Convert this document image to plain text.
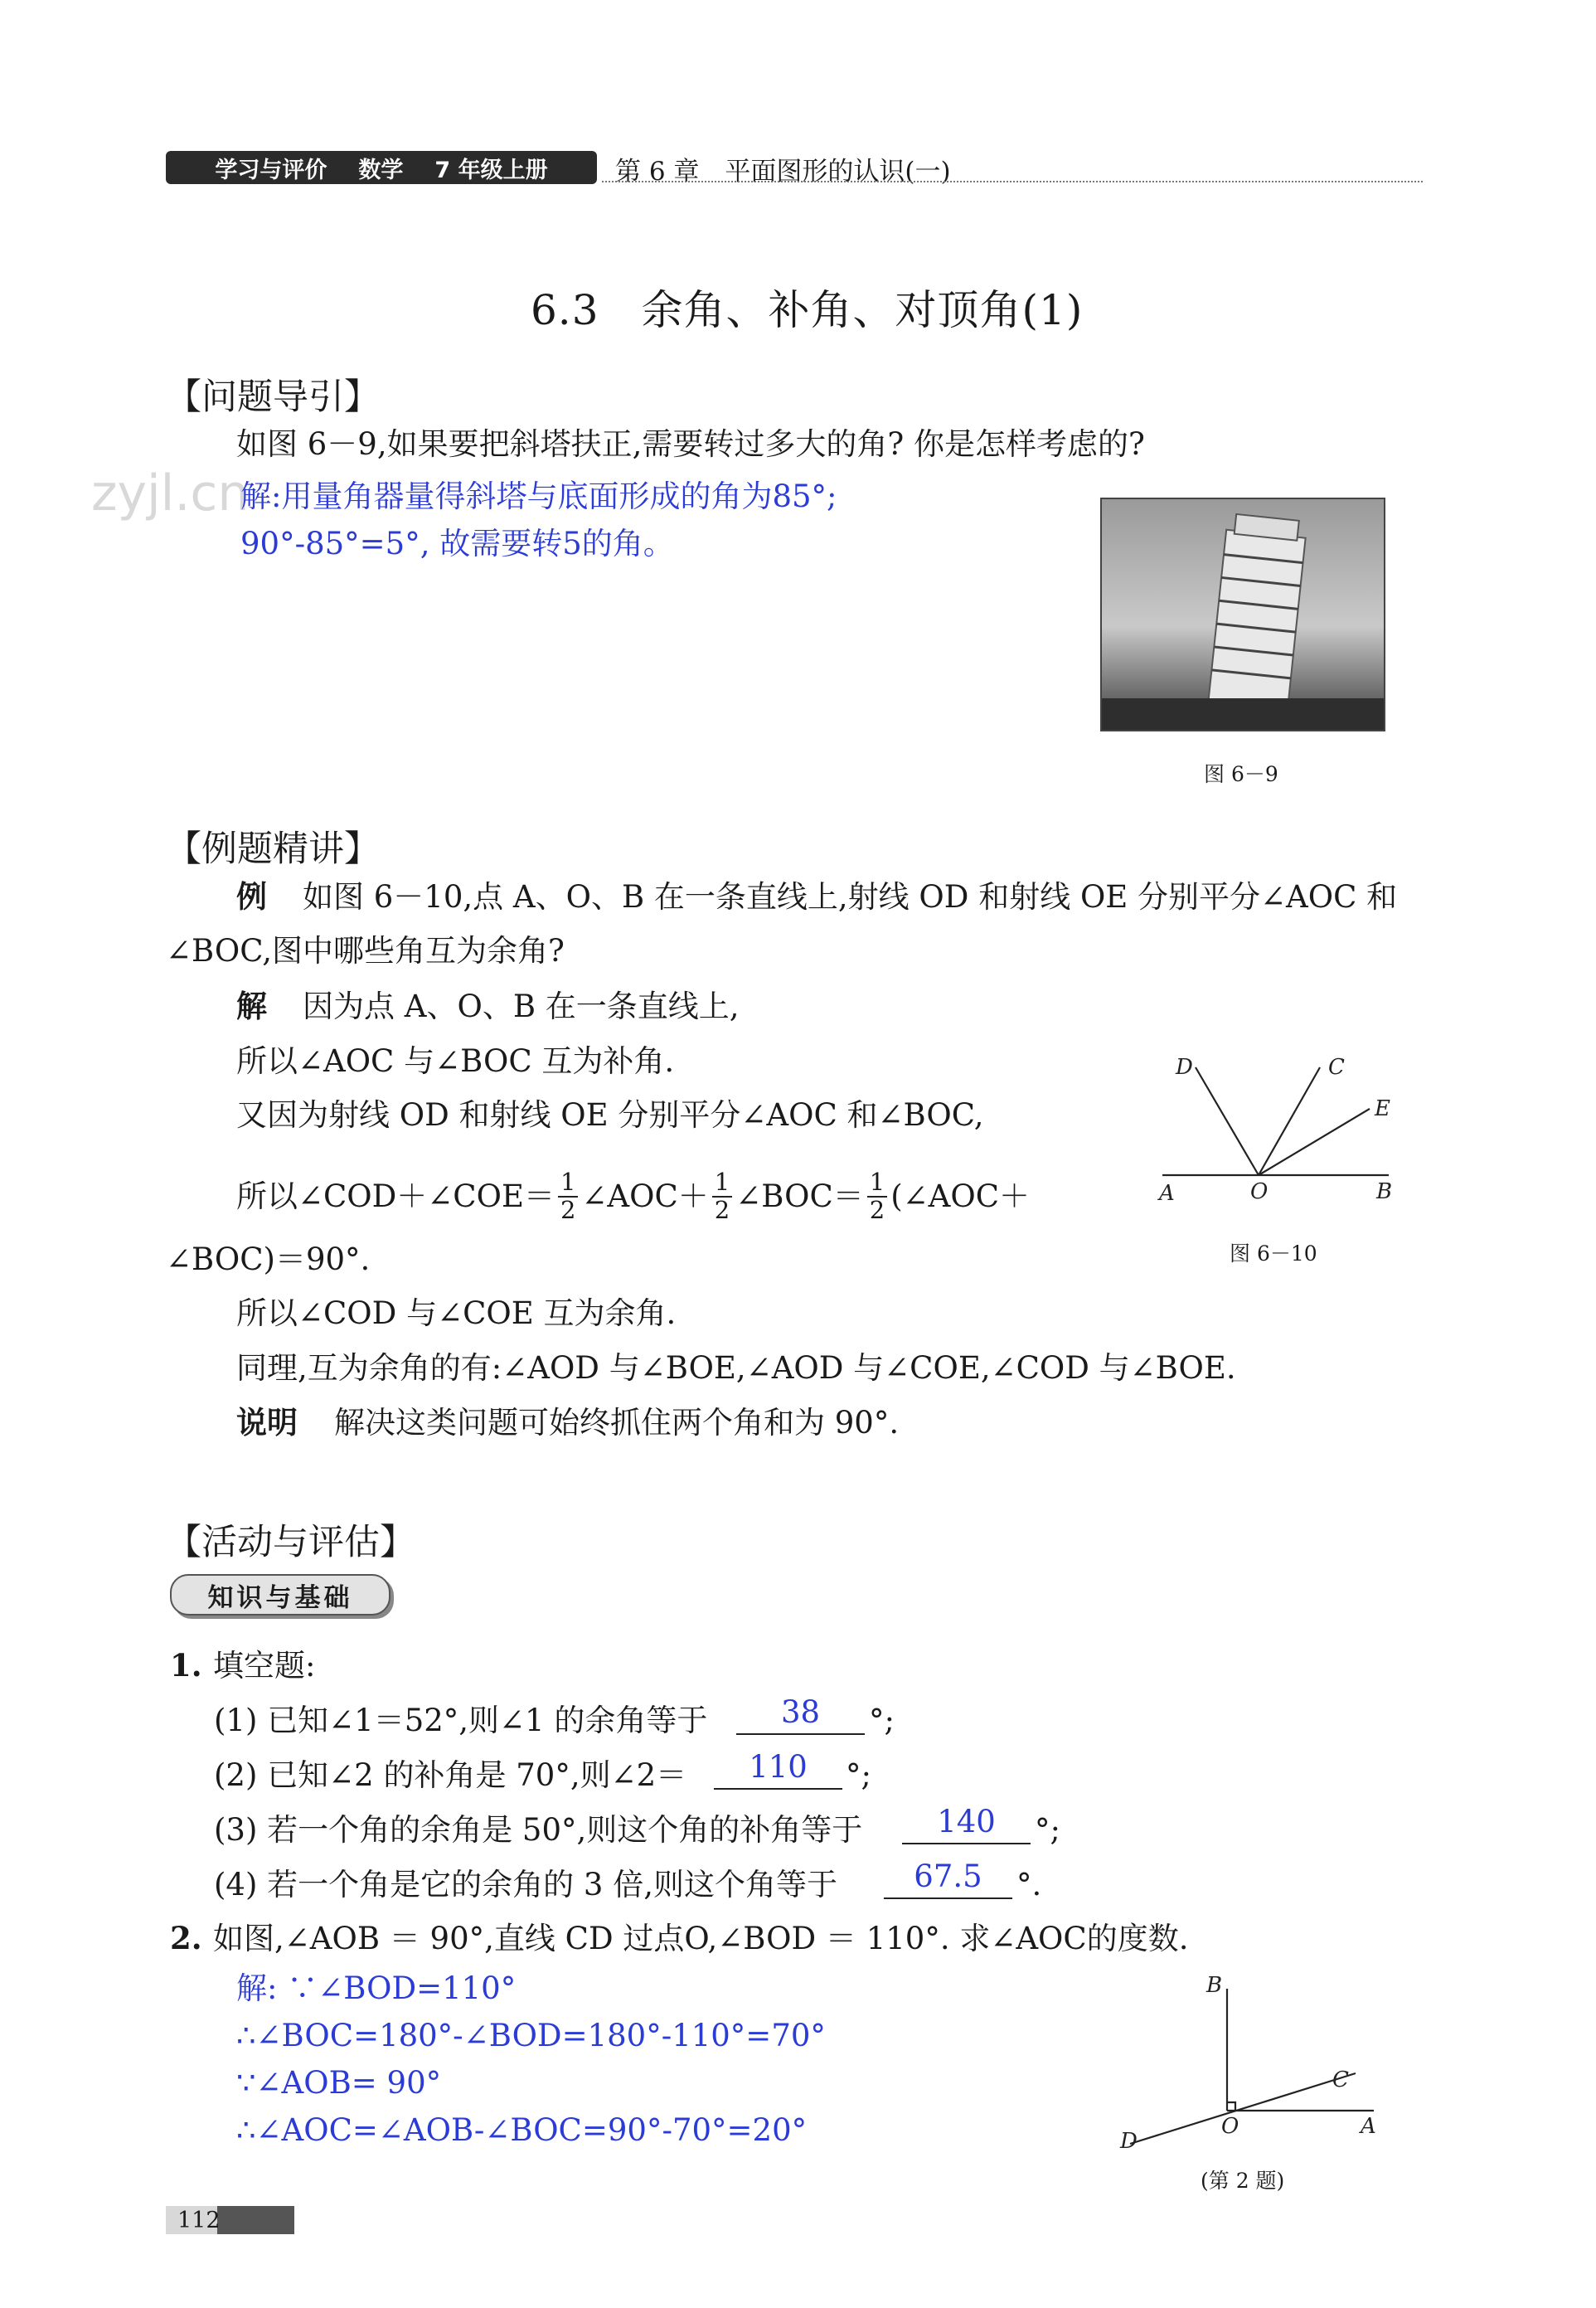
学习与评价 数学 7 年级上册	第 6 章　平面图形的认识(一)
6.3　余角、补角、对顶角(1)
【问题导引】
如图 6－9,如果要把斜塔扶正,需要转过多大的角? 你是怎样考虑的?
zyjl.cn
解:用量角器量得斜塔与底面形成的角为85°;
90°-85°=5°, 故需要转5的角。
图 6－9
【例题精讲】
例 如图 6－10,点 A、O、B 在一条直线上,射线 OD 和射线 OE 分别平分∠AOC 和
∠BOC,图中哪些角互为余角?
解 因为点 A、O、B 在一条直线上,
所以∠AOC 与∠BOC 互为补角.
又因为射线 OD 和射线 OE 分别平分∠AOC 和∠BOC,
所以∠COD＋∠COE＝ $\frac{1}{2}$ ∠AOC＋ $\frac{1}{2}$ ∠BOC＝ $\frac{1}{2}$ (∠AOC＋
∠BOC)＝90°.
所以∠COD 与∠COE 互为余角.
同理,互为余角的有:∠AOD 与∠BOE,∠AOD 与∠COE,∠COD 与∠BOE.
说明 解决这类问题可始终抓住两个角和为 90°.
D	C
E
A	O	B
图 6－10
【活动与评估】
知识与基础
1. 填空题:
(1) 已知∠1＝52°,则∠1 的余角等于	38	°;
(2) 已知∠2 的补角是 70°,则∠2＝	110	°;
(3) 若一个角的余角是 50°,则这个角的补角等于	140	°;
(4) 若一个角是它的余角的 3 倍,则这个角等于	67.5	°.
2. 如图,∠AOB ＝ 90°,直线 CD 过点O,∠BOD ＝ 110°. 求∠AOC的度数.
解: ∵∠BOD=110°
∴∠BOC=180°-∠BOD=180°-110°=70°
∵∠AOB= 90°
∴∠AOC=∠AOB-∠BOC=90°-70°=20°
B
C
O	A
D
(第 2 题)
112
